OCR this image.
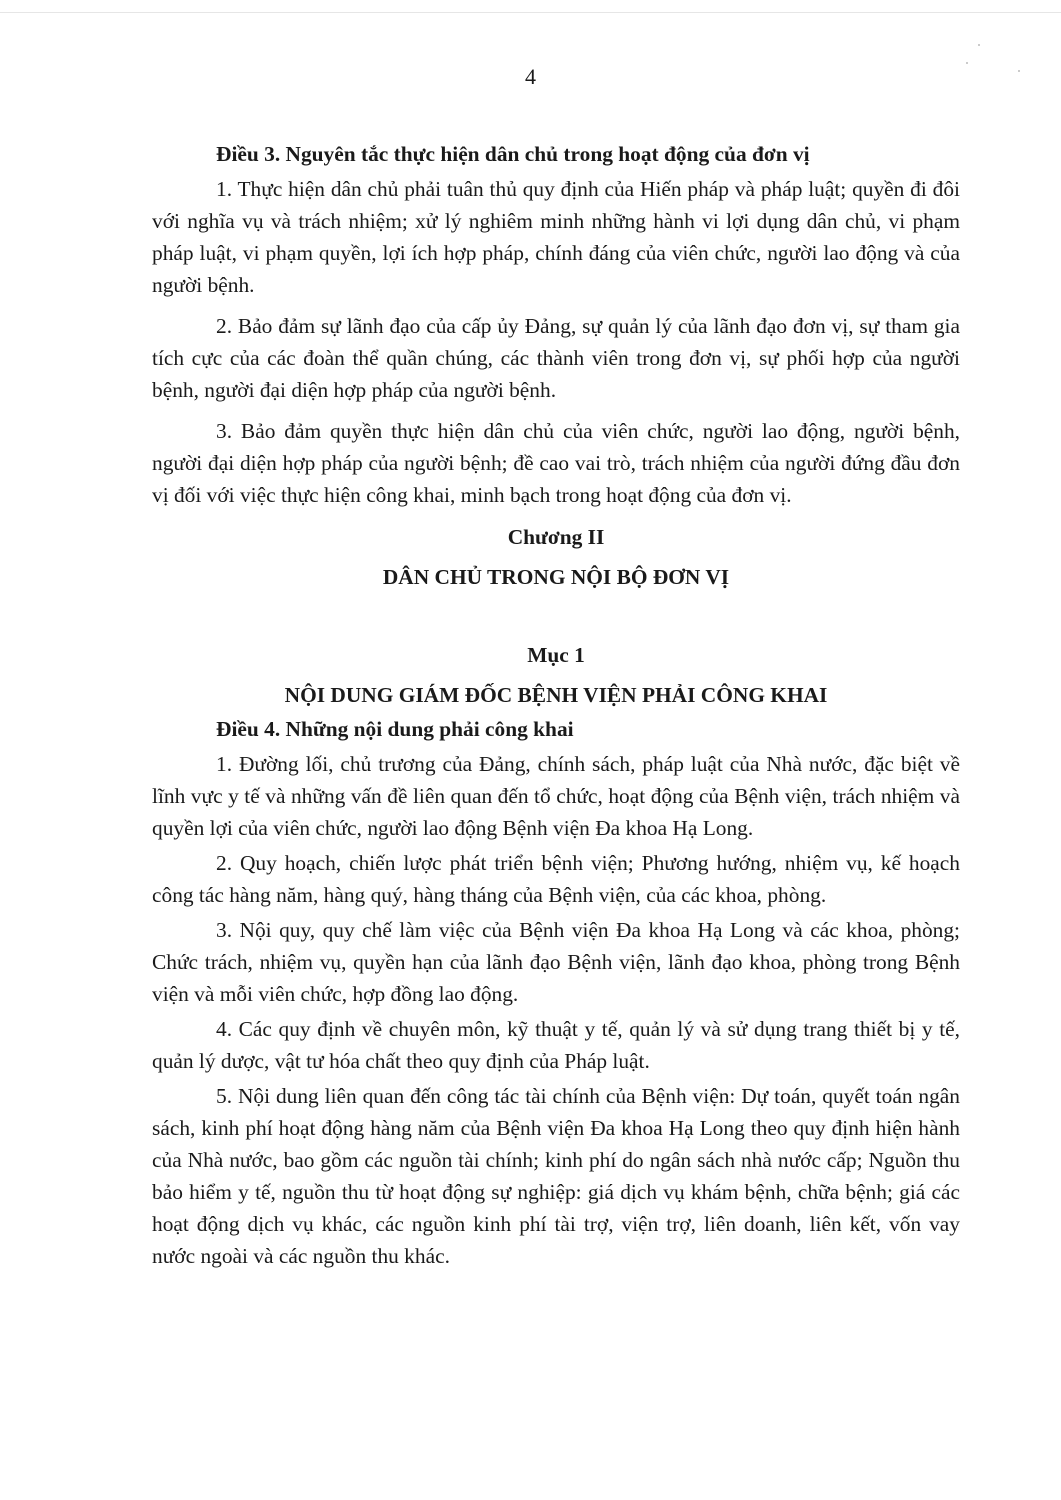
4

Điều 3. Nguyên tắc thực hiện dân chủ trong hoạt động của đơn vị

1. Thực hiện dân chủ phải tuân thủ quy định của Hiến pháp và pháp luật; quyền đi đôi với nghĩa vụ và trách nhiệm; xử lý nghiêm minh những hành vi lợi dụng dân chủ, vi phạm pháp luật, vi phạm quyền, lợi ích hợp pháp, chính đáng của viên chức, người lao động và của người bệnh.

2. Bảo đảm sự lãnh đạo của cấp ủy Đảng, sự quản lý của lãnh đạo đơn vị, sự tham gia tích cực của các đoàn thể quần chúng, các thành viên trong đơn vị, sự phối hợp của người bệnh, người đại diện hợp pháp của người bệnh.

3. Bảo đảm quyền thực hiện dân chủ của viên chức, người lao động, người bệnh, người đại diện hợp pháp của người bệnh; đề cao vai trò, trách nhiệm của người đứng đầu đơn vị đối với việc thực hiện công khai, minh bạch trong hoạt động của đơn vị.

Chương II

DÂN CHỦ TRONG NỘI BỘ ĐƠN VỊ

Mục 1

NỘI DUNG GIÁM ĐỐC BỆNH VIỆN PHẢI CÔNG KHAI

Điều 4. Những nội dung phải công khai

1. Đường lối, chủ trương của Đảng, chính sách, pháp luật của Nhà nước, đặc biệt về lĩnh vực y tế và những vấn đề liên quan đến tổ chức, hoạt động của Bệnh viện, trách nhiệm và quyền lợi của viên chức, người lao động Bệnh viện Đa khoa Hạ Long.

2. Quy hoạch, chiến lược phát triển bệnh viện; Phương hướng, nhiệm vụ, kế hoạch công tác hàng năm, hàng quý, hàng tháng của Bệnh viện, của các khoa, phòng.

3. Nội quy, quy chế làm việc của Bệnh viện Đa khoa Hạ Long và các khoa, phòng; Chức trách, nhiệm vụ, quyền hạn của lãnh đạo Bệnh viện, lãnh đạo khoa, phòng trong Bệnh viện và mỗi viên chức, hợp đồng lao động.

4. Các quy định về chuyên môn, kỹ thuật y tế, quản lý và sử dụng trang thiết bị y tế, quản lý dược, vật tư hóa chất theo quy định của Pháp luật.

5. Nội dung liên quan đến công tác tài chính của Bệnh viện: Dự toán, quyết toán ngân sách, kinh phí hoạt động hàng năm của Bệnh viện Đa khoa Hạ Long theo quy định hiện hành của Nhà nước, bao gồm các nguồn tài chính; kinh phí do ngân sách nhà nước cấp; Nguồn thu bảo hiểm y tế, nguồn thu từ hoạt động sự nghiệp: giá dịch vụ khám bệnh, chữa bệnh; giá các hoạt động dịch vụ khác, các nguồn kinh phí tài trợ, viện trợ, liên doanh, liên kết, vốn vay nước ngoài và các nguồn thu khác.
